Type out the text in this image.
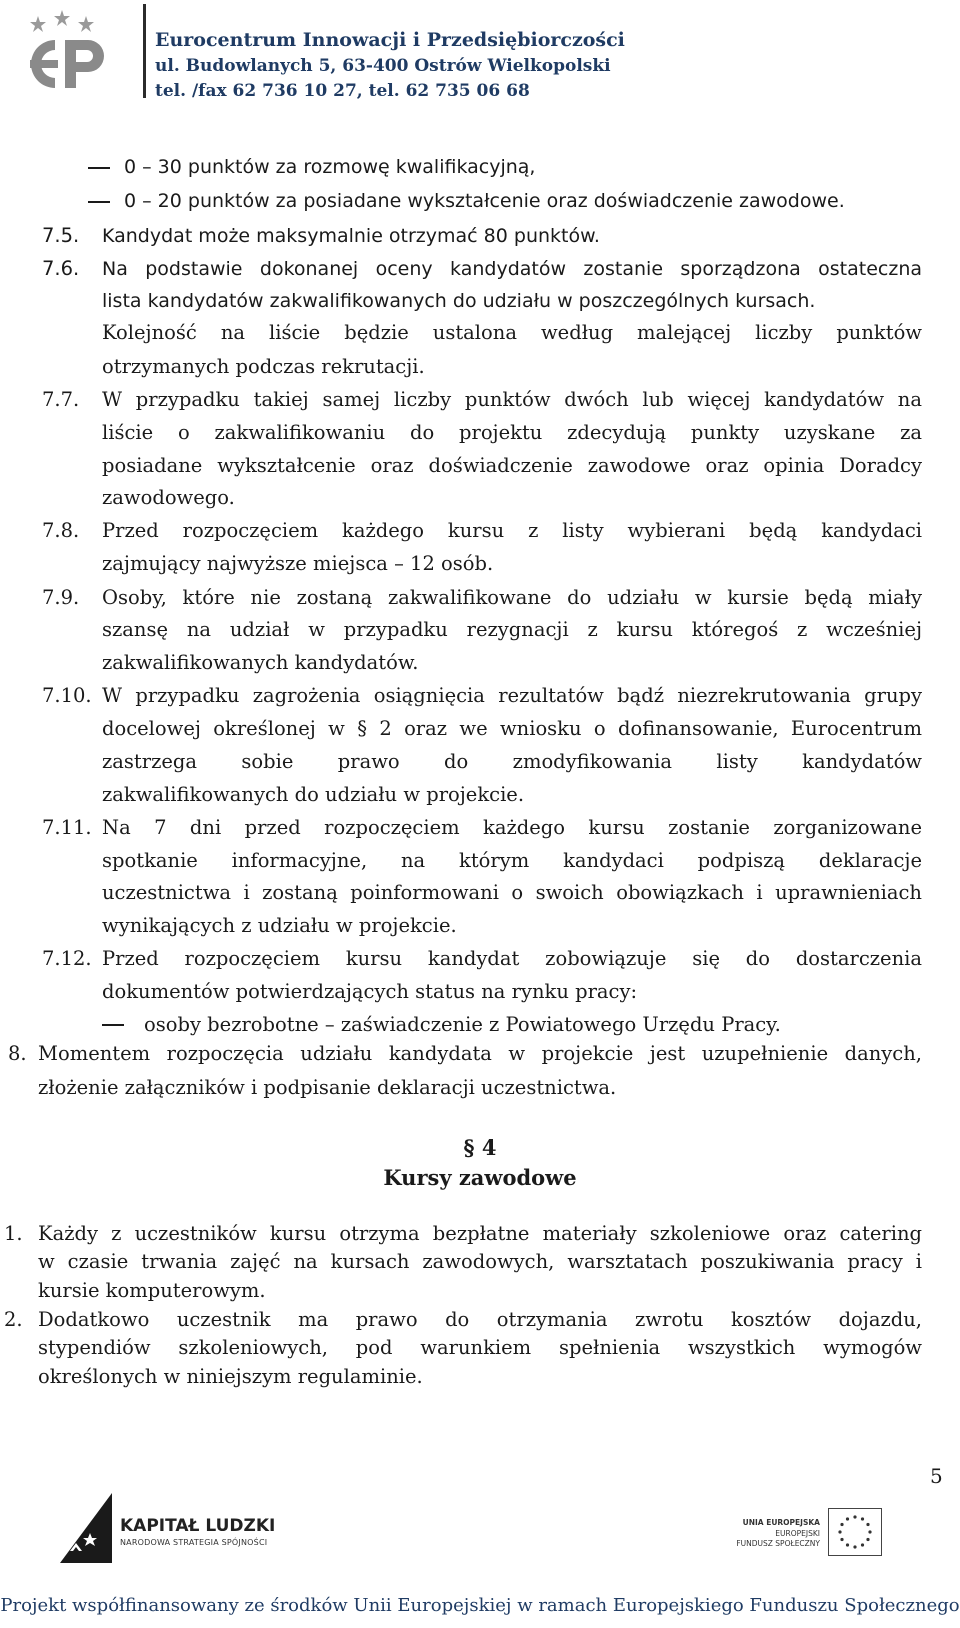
Eurocentrum Innowacji i Przedsiębiorczości
ul. Budowlanych 5, 63-400 Ostrów Wielkopolski
tel. /fax 62 736 10 27, tel. 62 735 06 68
0 – 30 punktów za rozmowę kwalifikacyjną,
0 – 20 punktów za posiadane wykształcenie oraz doświadczenie zawodowe.
7.5. Kandydat może maksymalnie otrzymać 80 punktów.
7.6. Na podstawie dokonanej oceny kandydatów zostanie sporządzona ostateczna
lista kandydatów zakwalifikowanych do udziału w poszczególnych kursach.
Kolejność na liście będzie ustalona według malejącej liczby punktów
otrzymanych podczas rekrutacji.
7.7. W przypadku takiej samej liczby punktów dwóch lub więcej kandydatów na
liście o zakwalifikowaniu do projektu zdecydują punkty uzyskane za
posiadane wykształcenie oraz doświadczenie zawodowe oraz opinia Doradcy
zawodowego.
7.8. Przed rozpoczęciem każdego kursu z listy wybierani będą kandydaci
zajmujący najwyższe miejsca – 12 osób.
7.9. Osoby, które nie zostaną zakwalifikowane do udziału w kursie będą miały
szansę na udział w przypadku rezygnacji z kursu któregoś z wcześniej
zakwalifikowanych kandydatów.
7.10. W przypadku zagrożenia osiągnięcia rezultatów bądź niezrekrutowania grupy
docelowej określonej w § 2 oraz we wniosku o dofinansowanie, Eurocentrum
zastrzega sobie prawo do zmodyfikowania listy kandydatów
zakwalifikowanych do udziału w projekcie.
7.11. Na 7 dni przed rozpoczęciem każdego kursu zostanie zorganizowane
spotkanie informacyjne, na którym kandydaci podpiszą deklaracje
uczestnictwa i zostaną poinformowani o swoich obowiązkach i uprawnieniach
wynikających z udziału w projekcie.
7.12. Przed rozpoczęciem kursu kandydat zobowiązuje się do dostarczenia
dokumentów potwierdzających status na rynku pracy:
osoby bezrobotne – zaświadczenie z Powiatowego Urzędu Pracy.
8. Momentem rozpoczęcia udziału kandydata w projekcie jest uzupełnienie danych,
złożenie załączników i podpisanie deklaracji uczestnictwa.
§ 4
Kursy zawodowe
1. Każdy z uczestników kursu otrzyma bezpłatne materiały szkoleniowe oraz catering
w czasie trwania zajęć na kursach zawodowych, warsztatach poszukiwania pracy i
kursie komputerowym.
2. Dodatkowo uczestnik ma prawo do otrzymania zwrotu kosztów dojazdu,
stypendiów szkoleniowych, pod warunkiem spełnienia wszystkich wymogów
określonych w niniejszym regulaminie.
5
KAPITAŁ LUDZKI
NARODOWA STRATEGIA SPÓJNOŚCI
UNIA EUROPEJSKA
EUROPEJSKI
FUNDUSZ SPOŁECZNY
Projekt współfinansowany ze środków Unii Europejskiej w ramach Europejskiego Funduszu Społecznego
